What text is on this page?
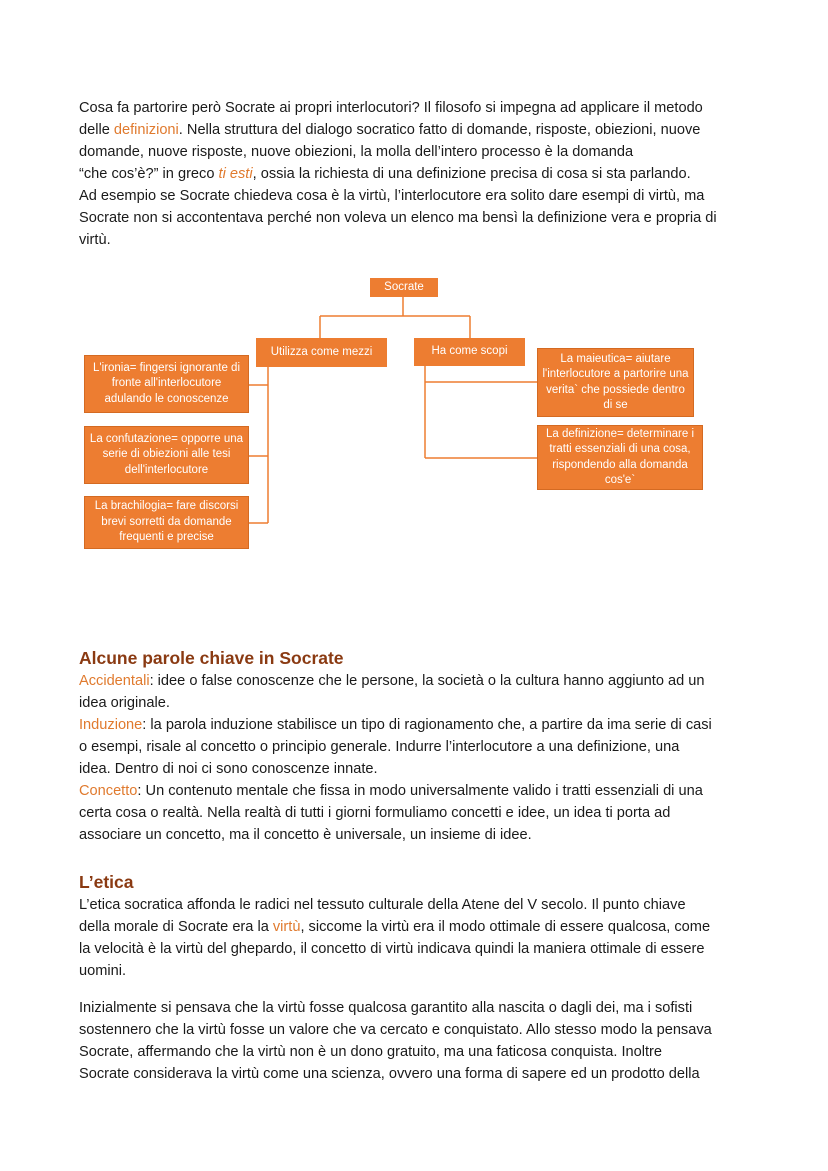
Cosa fa partorire però Socrate ai propri interlocutori? Il filosofo si impegna ad applicare il metodo
delle definizioni. Nella struttura del dialogo socratico fatto di domande, risposte, obiezioni, nuove
domande, nuove risposte, nuove obiezioni, la molla dell’intero processo è la domanda
“che cos’è?” in greco ti esti, ossia la richiesta di una definizione precisa di cosa si sta parlando.
Ad esempio se Socrate chiedeva cosa è la virtù, l’interlocutore era solito dare esempi di virtù, ma
Socrate non si accontentava perché non voleva un elenco ma bensì la definizione vera e propria di
virtù.
Socrate
Utilizza come mezzi	Ha come scopi
L'ironia= fingersi ignorante di fronte all'interlocutore adulando le conoscenze
La confutazione= opporre una serie di obiezioni alle tesi dell'interlocutore
La brachilogia= fare discorsi brevi sorretti da domande frequenti e precise
La maieutica= aiutare l'interlocutore a partorire una verita` che possiede dentro di se
La definizione= determinare i tratti essenziali di una cosa, rispondendo alla domanda cos'e`
Alcune parole chiave in Socrate
Accidentali: idee o false conoscenze che le persone, la società o la cultura hanno aggiunto ad un
idea originale.
Induzione: la parola induzione stabilisce un tipo di ragionamento che, a partire da ima serie di casi
o esempi, risale al concetto o principio generale. Indurre l’interlocutore a una definizione, una
idea. Dentro di noi ci sono conoscenze innate.
Concetto: Un contenuto mentale che fissa in modo universalmente valido i tratti essenziali di una
certa cosa o realtà. Nella realtà di tutti i giorni formuliamo concetti e idee, un idea ti porta ad
associare un concetto, ma il concetto è universale, un insieme di idee.
L’etica
L’etica socratica affonda le radici nel tessuto culturale della Atene del V secolo. Il punto chiave
della morale di Socrate era la virtù, siccome la virtù era il modo ottimale di essere qualcosa, come
la velocità è la virtù del ghepardo, il concetto di virtù indicava quindi la maniera ottimale di essere
uomini.
Inizialmente si pensava che la virtù fosse qualcosa garantito alla nascita o dagli dei, ma i sofisti
sostennero che la virtù fosse un valore che va cercato e conquistato. Allo stesso modo la pensava
Socrate, affermando che la virtù non è un dono gratuito, ma una faticosa conquista. Inoltre
Socrate considerava la virtù come una scienza, ovvero una forma di sapere ed un prodotto della
